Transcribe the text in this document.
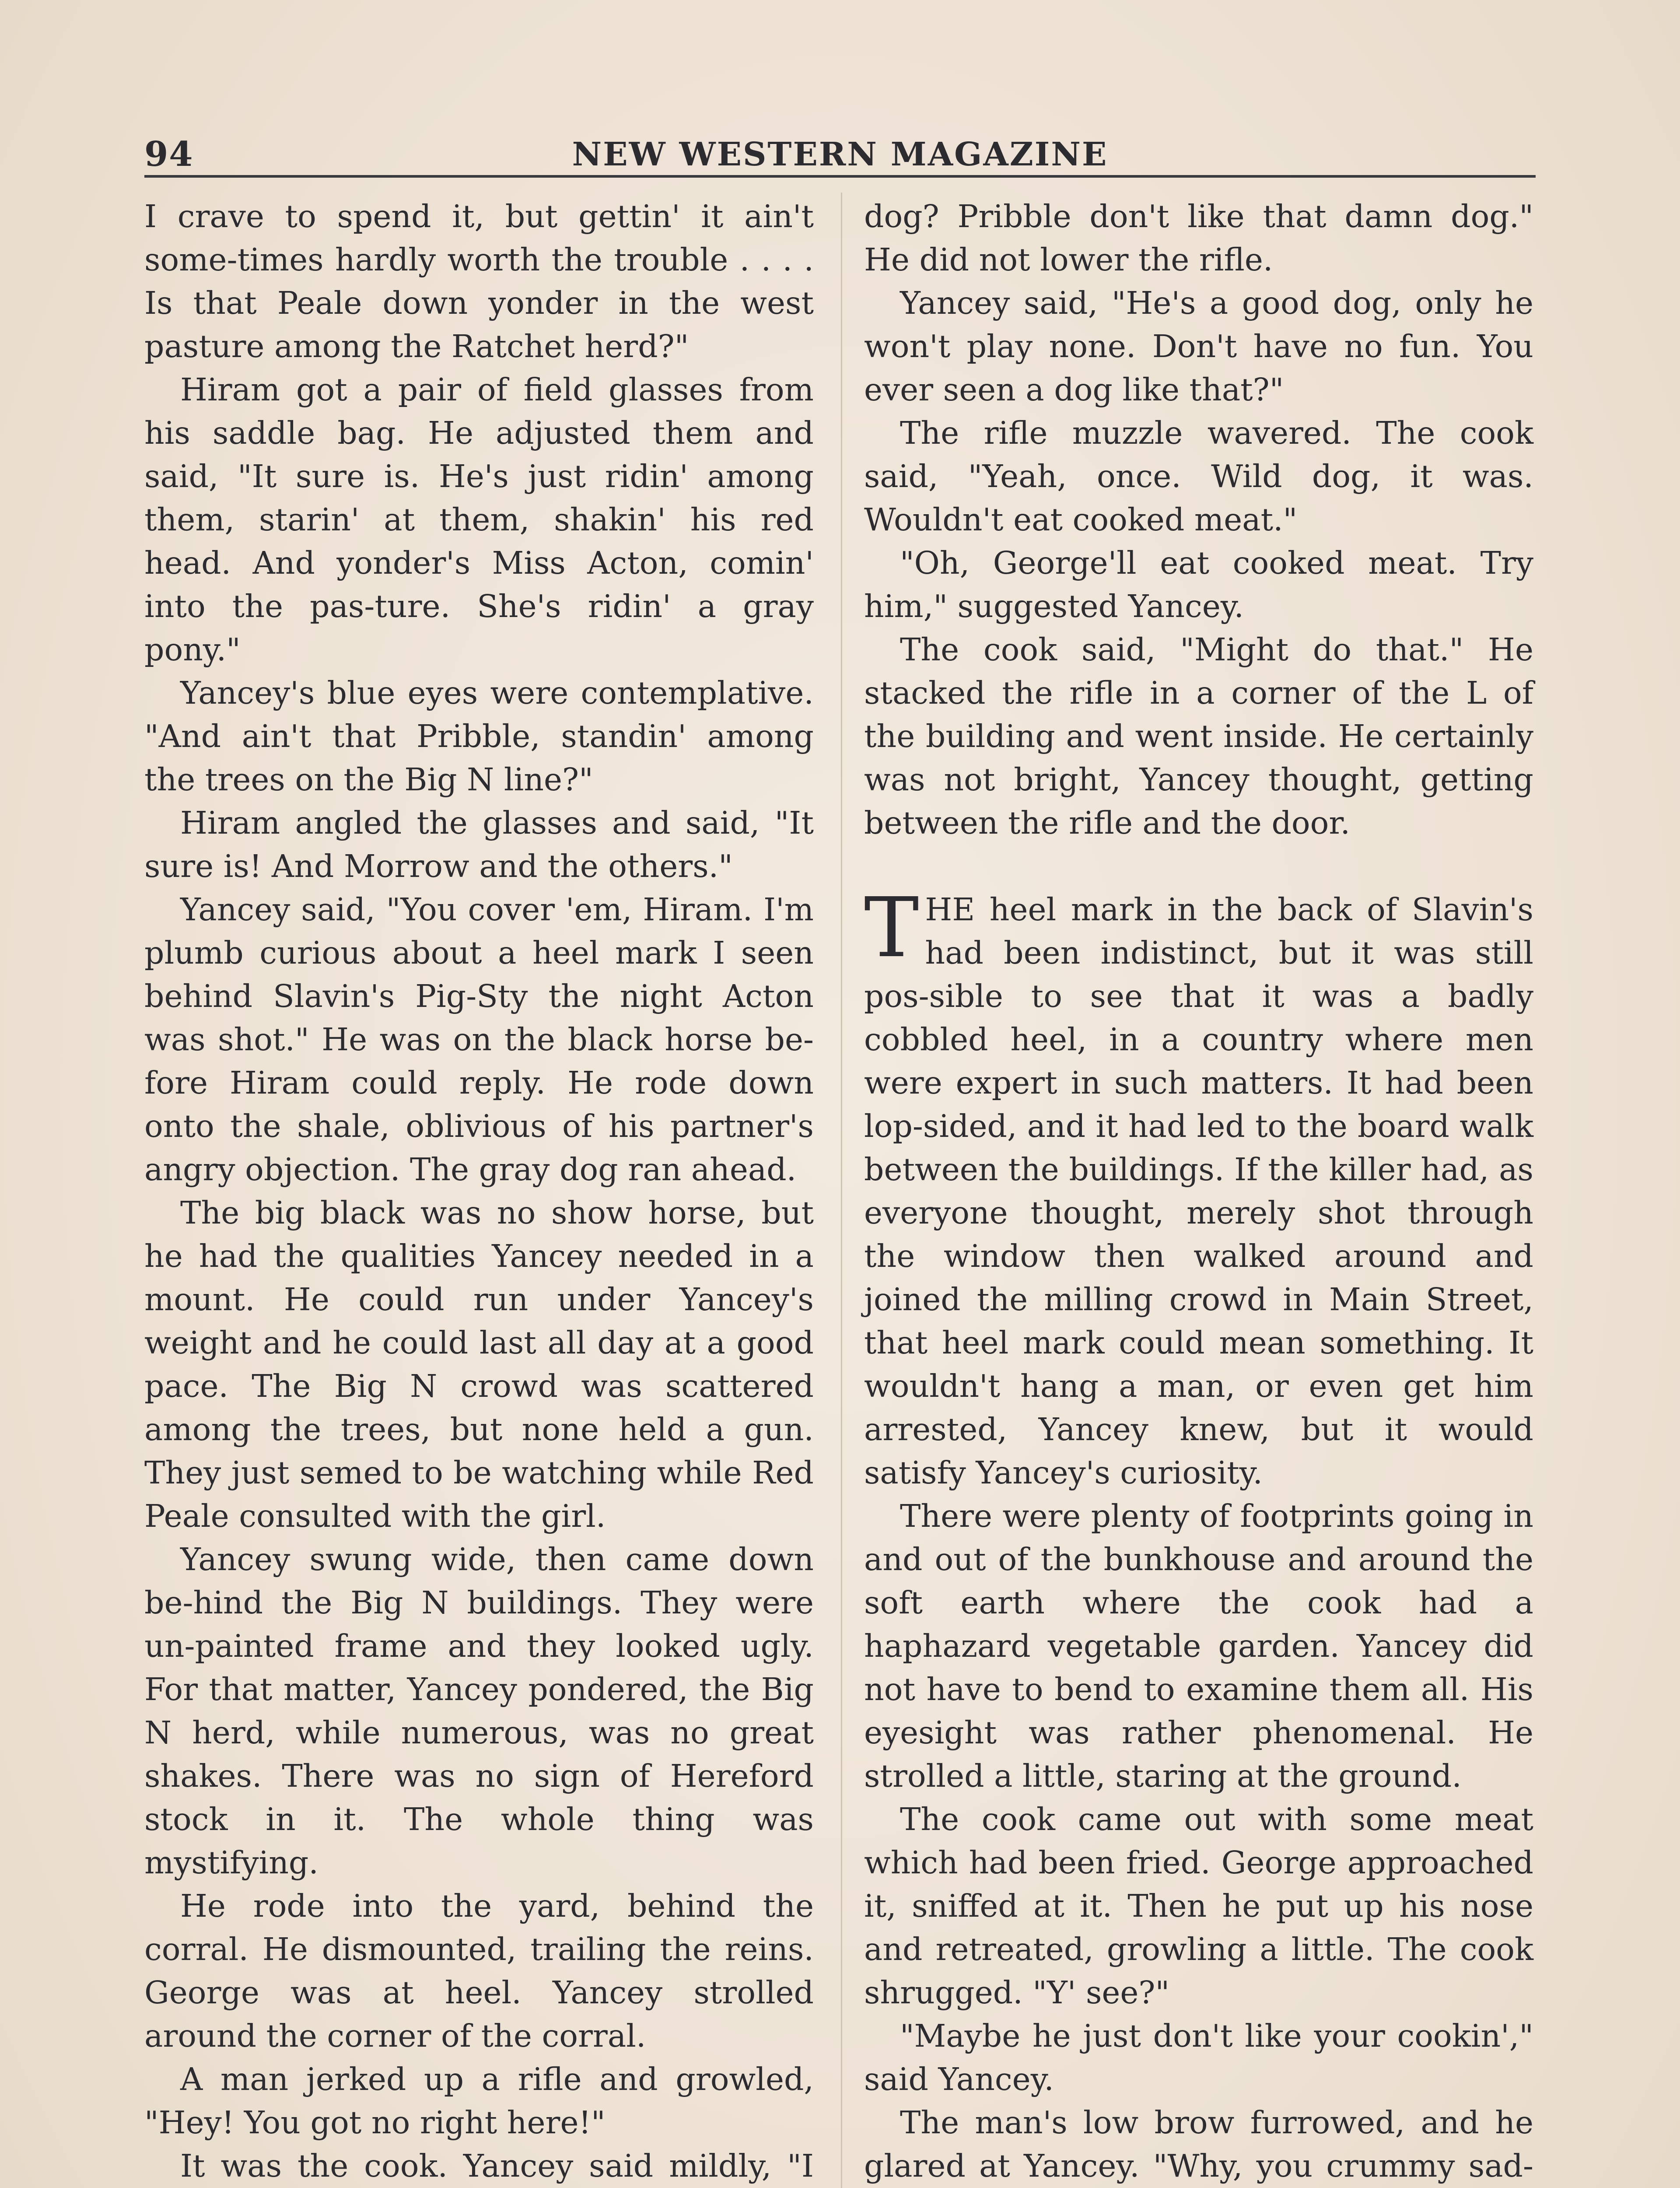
94	NEW WESTERN MAGAZINE

I crave to spend it, but gettin' it ain't some-times hardly worth the trouble . . . . Is that Peale down yonder in the west pasture among the Ratchet herd?"

Hiram got a pair of field glasses from his saddle bag. He adjusted them and said, "It sure is. He's just ridin' among them, starin' at them, shakin' his red head. And yonder's Miss Acton, comin' into the pas-ture. She's ridin' a gray pony."

Yancey's blue eyes were contemplative. "And ain't that Pribble, standin' among the trees on the Big N line?"

Hiram angled the glasses and said, "It sure is! And Morrow and the others."

Yancey said, "You cover 'em, Hiram. I'm plumb curious about a heel mark I seen behind Slavin's Pig-Sty the night Acton was shot." He was on the black horse be-fore Hiram could reply. He rode down onto the shale, oblivious of his partner's angry objection. The gray dog ran ahead.

The big black was no show horse, but he had the qualities Yancey needed in a mount. He could run under Yancey's weight and he could last all day at a good pace. The Big N crowd was scattered among the trees, but none held a gun. They just semed to be watching while Red Peale consulted with the girl.

Yancey swung wide, then came down be-hind the Big N buildings. They were un-painted frame and they looked ugly. For that matter, Yancey pondered, the Big N herd, while numerous, was no great shakes. There was no sign of Hereford stock in it. The whole thing was mystifying.

He rode into the yard, behind the corral. He dismounted, trailing the reins. George was at heel. Yancey strolled around the corner of the corral.

A man jerked up a rifle and growled, "Hey! You got no right here!"

It was the cook. Yancey said mildly, "I

dog? Pribble don't like that damn dog." He did not lower the rifle.

Yancey said, "He's a good dog, only he won't play none. Don't have no fun. You ever seen a dog like that?"

The rifle muzzle wavered. The cook said, "Yeah, once. Wild dog, it was. Wouldn't eat cooked meat."

"Oh, George'll eat cooked meat. Try him," suggested Yancey.

The cook said, "Might do that." He stacked the rifle in a corner of the L of the building and went inside. He certainly was not bright, Yancey thought, getting between the rifle and the door.

THE heel mark in the back of Slavin's had been indistinct, but it was still pos-sible to see that it was a badly cobbled heel, in a country where men were expert in such matters. It had been lop-sided, and it had led to the board walk between the buildings. If the killer had, as everyone thought, merely shot through the window then walked around and joined the milling crowd in Main Street, that heel mark could mean something. It wouldn't hang a man, or even get him arrested, Yancey knew, but it would satisfy Yancey's curiosity.

There were plenty of footprints going in and out of the bunkhouse and around the soft earth where the cook had a haphazard vegetable garden. Yancey did not have to bend to examine them all. His eyesight was rather phenomenal. He strolled a little, staring at the ground.

The cook came out with some meat which had been fried. George approached it, sniffed at it. Then he put up his nose and retreated, growling a little. The cook shrugged. "Y' see?"

"Maybe he just don't like your cookin'," said Yancey.

The man's low brow furrowed, and he glared at Yancey. "Why, you crummy sad-
